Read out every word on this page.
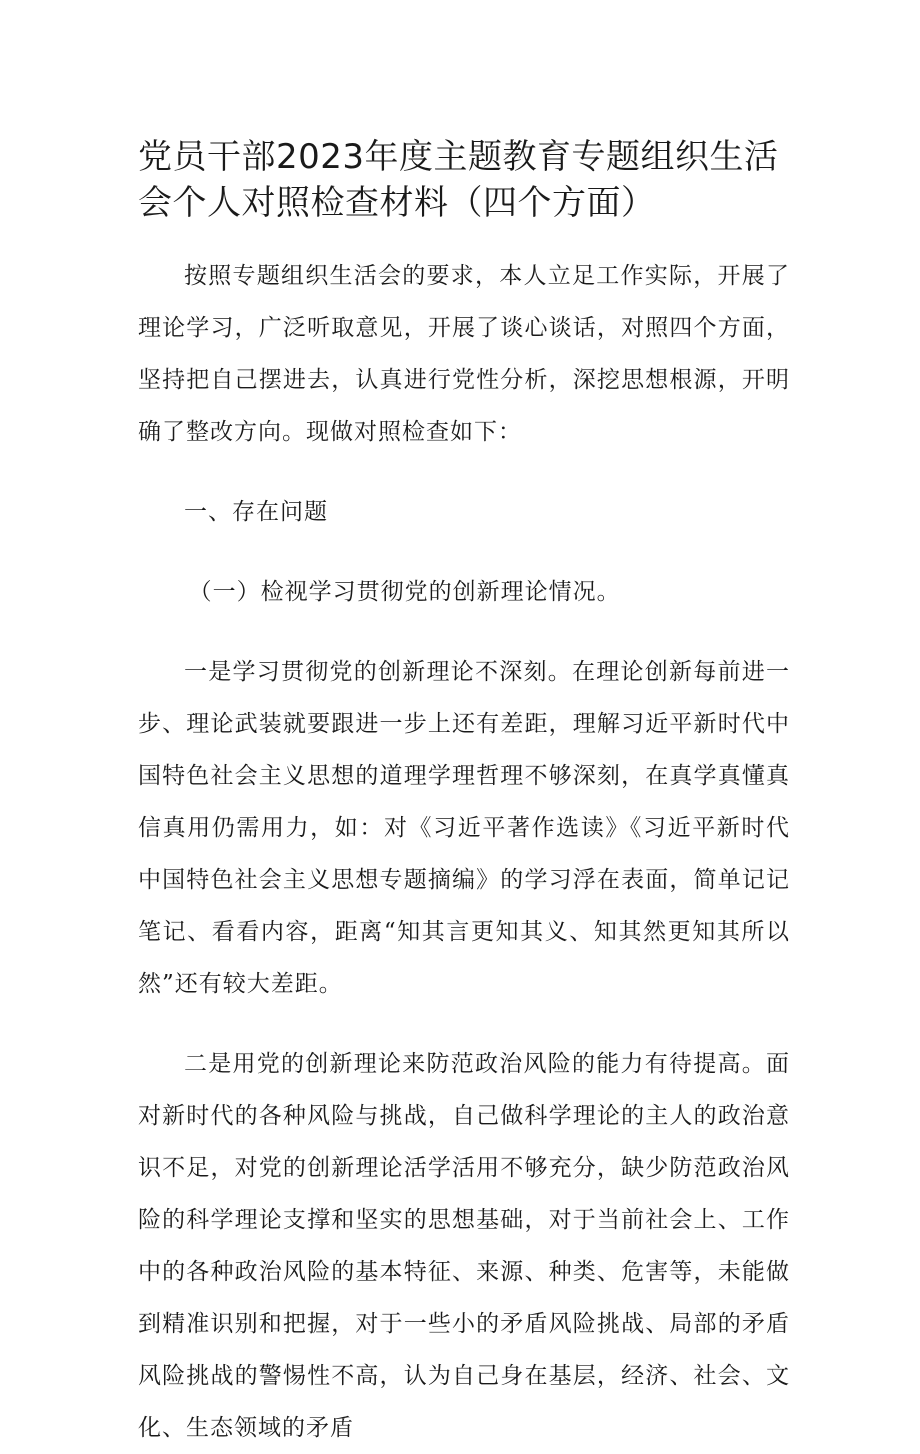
党员干部2023年度主题教育专题组织生活
会个人对照检查材料（四个方面）

按照专题组织生活会的要求，本人立足工作实际，开展了理论学习，广泛听取意见，开展了谈心谈话，对照四个方面，坚持把自己摆进去，认真进行党性分析，深挖思想根源，开明确了整改方向。现做对照检查如下：

一、存在问题

（一）检视学习贯彻党的创新理论情况。

一是学习贯彻党的创新理论不深刻。在理论创新每前进一步、理论武装就要跟进一步上还有差距，理解习近平新时代中国特色社会主义思想的道理学理哲理不够深刻，在真学真懂真信真用仍需用力，如：对《习近平著作选读》《习近平新时代中国特色社会主义思想专题摘编》的学习浮在表面，简单记记笔记、看看内容，距离“知其言更知其义、知其然更知其所以然”还有较大差距。

二是用党的创新理论来防范政治风险的能力有待提高。面对新时代的各种风险与挑战，自己做科学理论的主人的政治意识不足，对党的创新理论活学活用不够充分，缺少防范政治风险的科学理论支撑和坚实的思想基础，对于当前社会上、工作中的各种政治风险的基本特征、来源、种类、危害等，未能做到精准识别和把握，对于一些小的矛盾风险挑战、局部的矛盾风险挑战的警惕性不高，认为自己身在基层，经济、社会、文化、生态领域的矛盾
